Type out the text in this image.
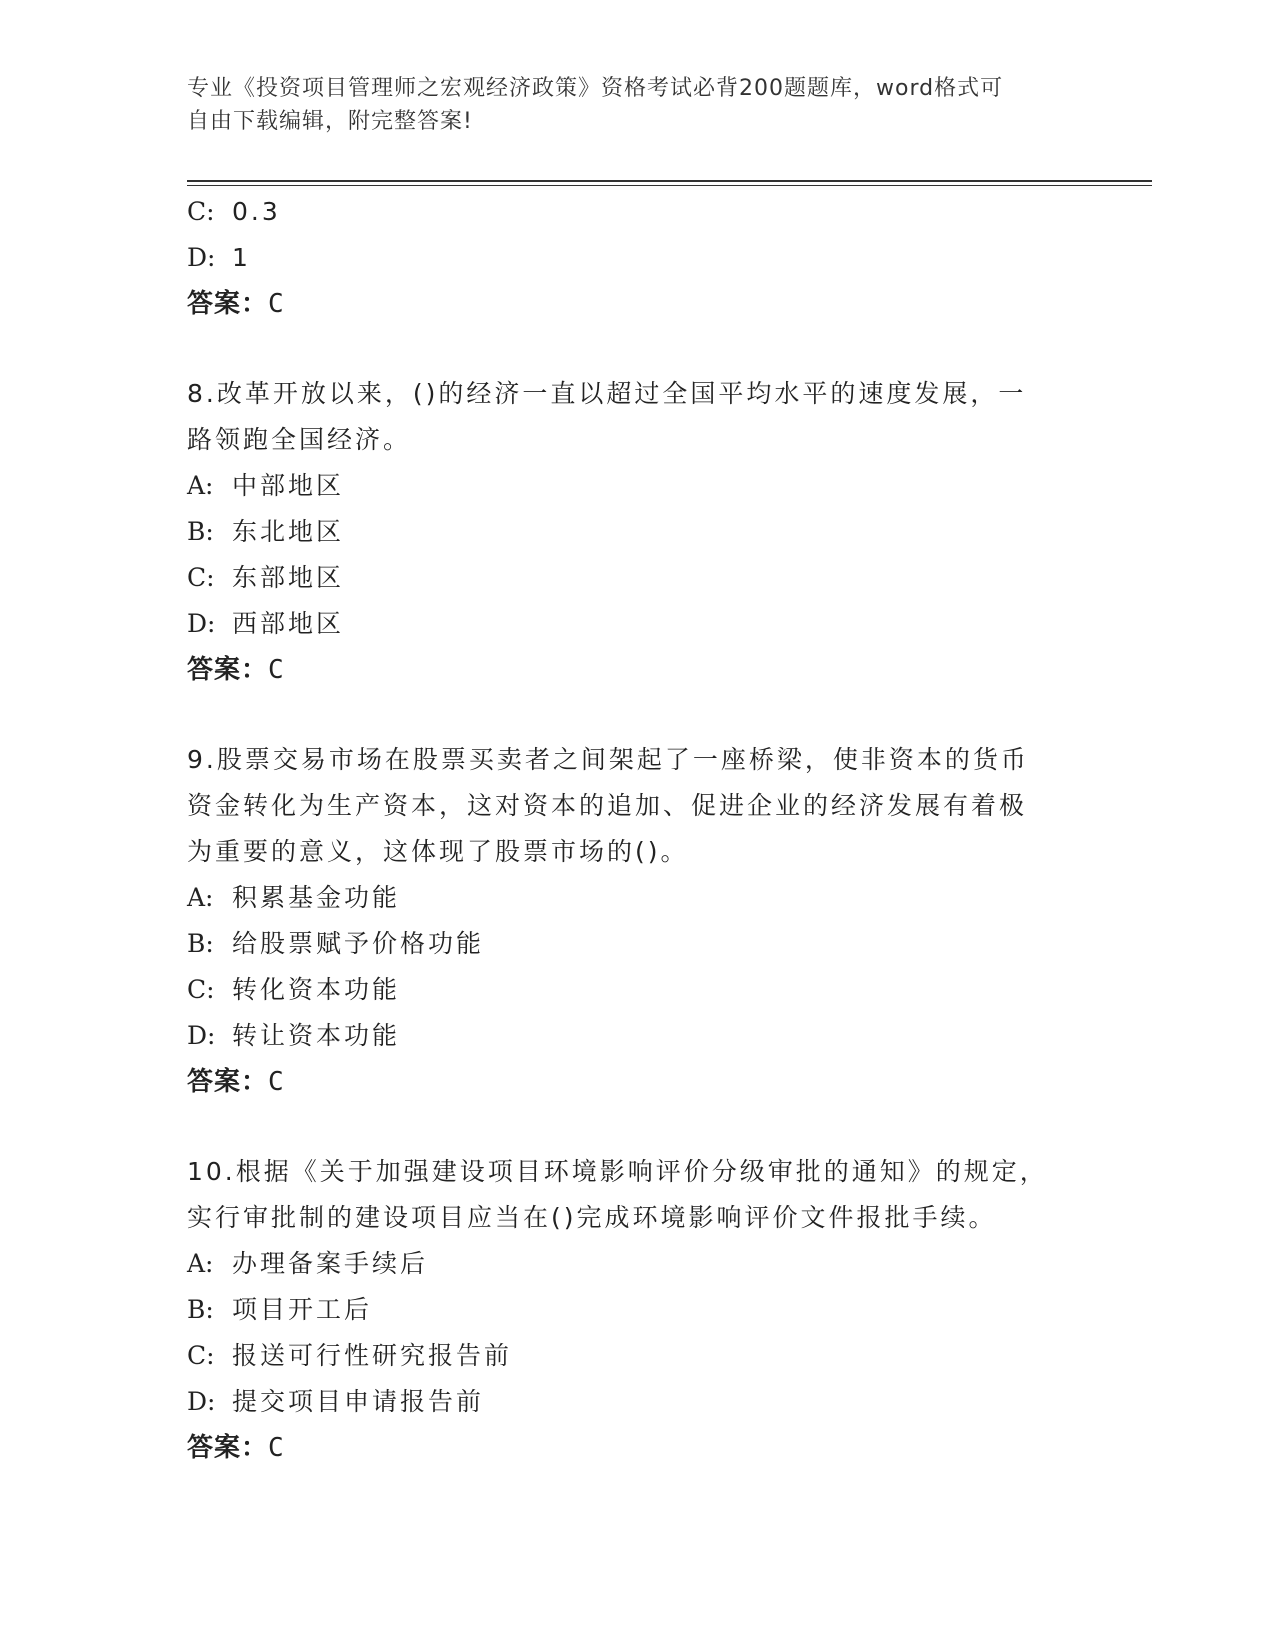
专业《投资项目管理师之宏观经济政策》资格考试必背200题题库，word格式可
自由下载编辑，附完整答案!
C: 0.3
D: 1
答案：C
8.改革开放以来，()的经济一直以超过全国平均水平的速度发展，一
路领跑全国经济。
A: 中部地区
B: 东北地区
C: 东部地区
D: 西部地区
答案：C
9.股票交易市场在股票买卖者之间架起了一座桥梁，使非资本的货币
资金转化为生产资本，这对资本的追加、促进企业的经济发展有着极
为重要的意义，这体现了股票市场的()。
A: 积累基金功能
B: 给股票赋予价格功能
C: 转化资本功能
D: 转让资本功能
答案：C
10.根据《关于加强建设项目环境影响评价分级审批的通知》的规定，
实行审批制的建设项目应当在()完成环境影响评价文件报批手续。
A: 办理备案手续后
B: 项目开工后
C: 报送可行性研究报告前
D: 提交项目申请报告前
答案：C
